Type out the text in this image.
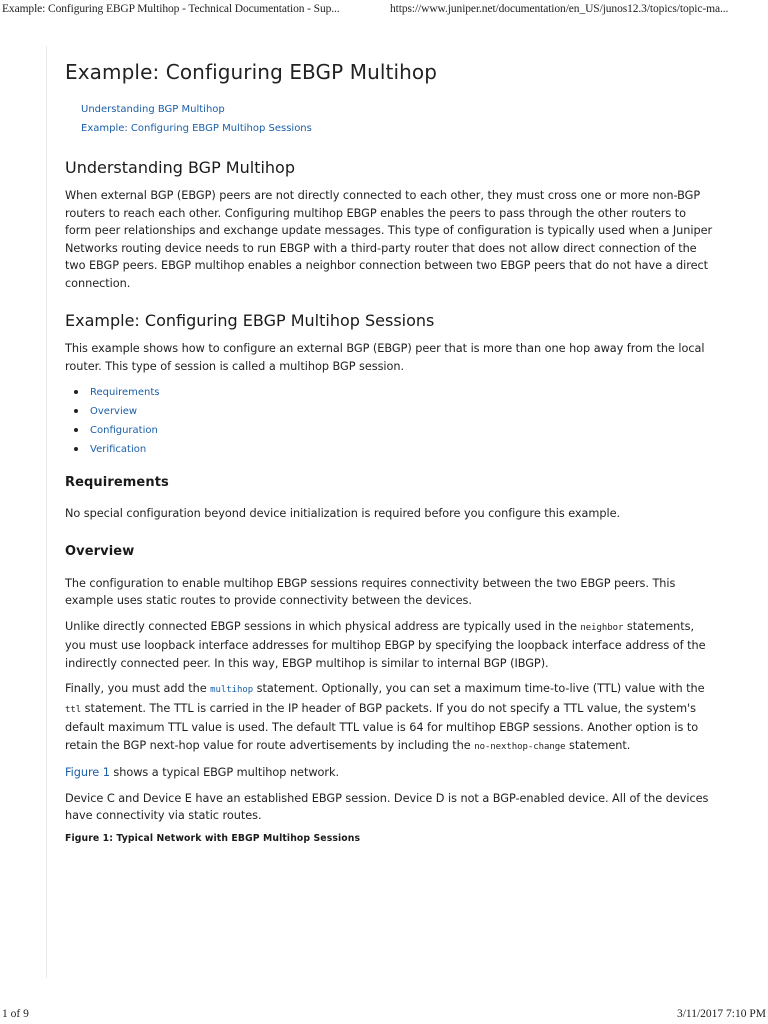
Example: Configuring EBGP Multihop - Technical Documentation - Sup...	https://www.juniper.net/documentation/en_US/junos12.3/topics/topic-ma...
Example: Configuring EBGP Multihop
Understanding BGP Multihop
Example: Configuring EBGP Multihop Sessions
Understanding BGP Multihop

When external BGP (EBGP) peers are not directly connected to each other, they must cross one or more non-BGP routers to reach each other. Configuring multihop EBGP enables the peers to pass through the other routers to form peer relationships and exchange update messages. This type of configuration is typically used when a Juniper Networks routing device needs to run EBGP with a third-party router that does not allow direct connection of the two EBGP peers. EBGP multihop enables a neighbor connection between two EBGP peers that do not have a direct connection.

Example: Configuring EBGP Multihop Sessions

This example shows how to configure an external BGP (EBGP) peer that is more than one hop away from the local router. This type of session is called a multihop BGP session.

Requirements
Overview
Configuration
Verification
Requirements

No special configuration beyond device initialization is required before you configure this example.

Overview

The configuration to enable multihop EBGP sessions requires connectivity between the two EBGP peers. This example uses static routes to provide connectivity between the devices.

Unlike directly connected EBGP sessions in which physical address are typically used in the neighbor statements, you must use loopback interface addresses for multihop EBGP by specifying the loopback interface address of the indirectly connected peer. In this way, EBGP multihop is similar to internal BGP (IBGP).

Finally, you must add the multihop statement. Optionally, you can set a maximum time-to-live (TTL) value with the ttl statement. The TTL is carried in the IP header of BGP packets. If you do not specify a TTL value, the system's default maximum TTL value is used. The default TTL value is 64 for multihop EBGP sessions. Another option is to retain the BGP next-hop value for route advertisements by including the no-nexthop-change statement.

Figure 1 shows a typical EBGP multihop network.

Device C and Device E have an established EBGP session. Device D is not a BGP-enabled device. All of the devices have connectivity via static routes.

Figure 1: Typical Network with EBGP Multihop Sessions
1 of 9	3/11/2017 7:10 PM
